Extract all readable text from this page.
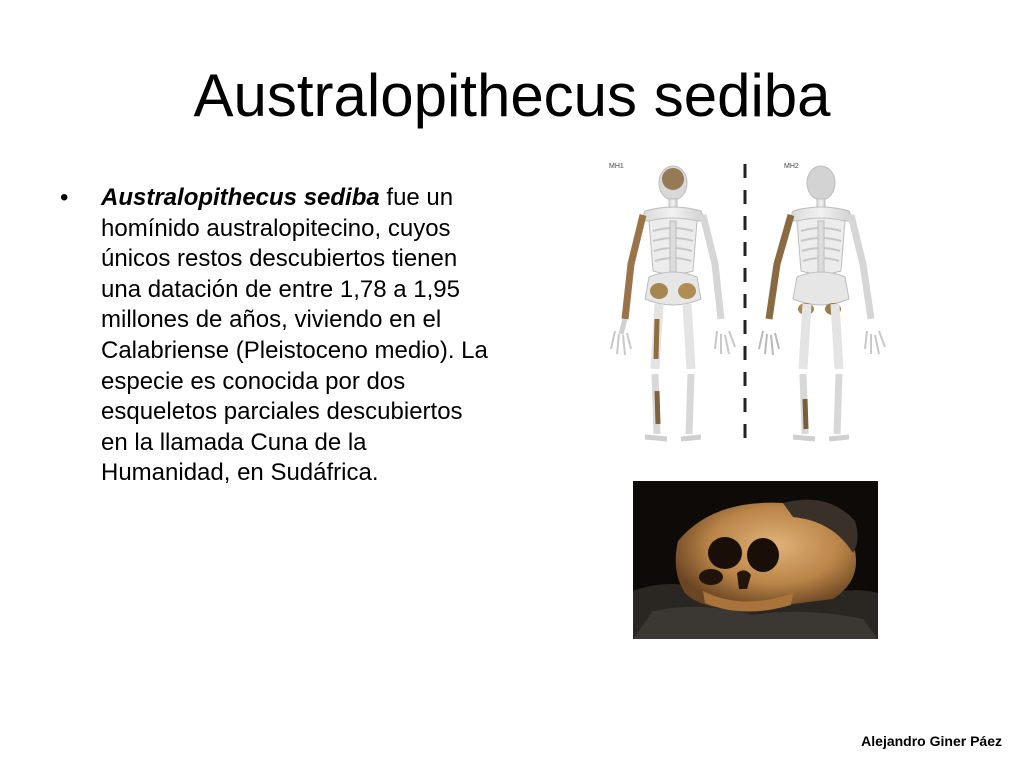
Australopithecus sediba
• Australopithecus sediba fue un homínido australopitecino, cuyos únicos restos descubiertos tienen una datación de entre 1,78 a 1,95 millones de años, viviendo en el Calabriense (Pleistoceno medio). La especie es conocida por dos esqueletos parciales descubiertos en la llamada Cuna de la Humanidad, en Sudáfrica.
MH1	MH2
Alejandro Giner Páez
